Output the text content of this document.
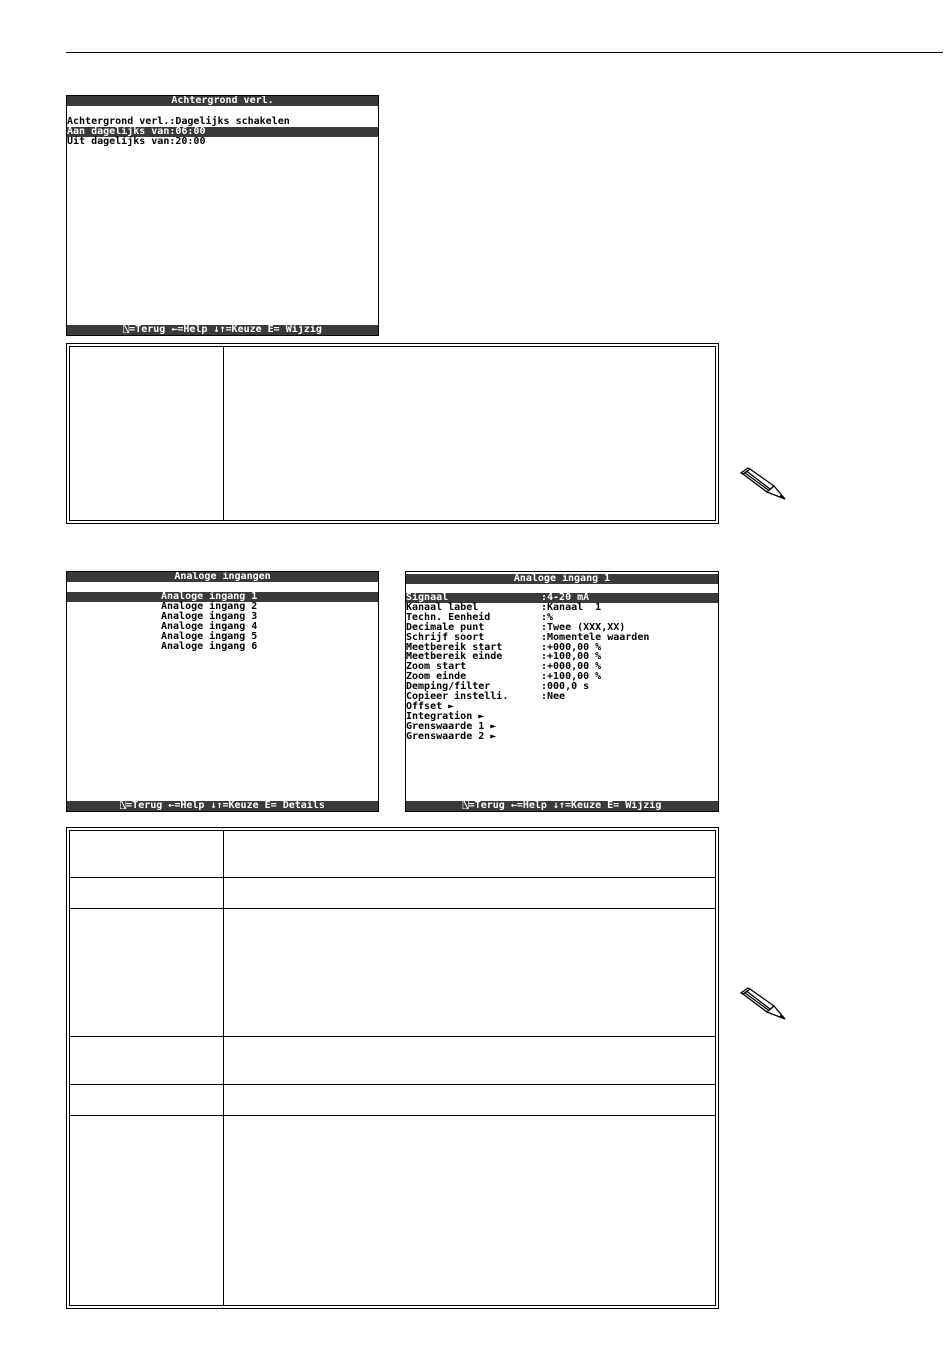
Achtergrond verl.
Achtergrond verl.:Dagelijks schakelen
Aan dagelijks van:06:00
Uit dagelijks van:20:00
⍂=Terug ←=Help ↓↑=Keuze E= Wijzig
Analoge ingangen
Analoge ingang 1
Analoge ingang 2
Analoge ingang 3
Analoge ingang 4
Analoge ingang 5
Analoge ingang 6
⍂=Terug ←=Help ↓↑=Keuze E= Details
Analoge ingang 1
Signaal	:4-20 mA
Kanaal label	:Kanaal  1
Techn. Eenheid	:%
Decimale punt	:Twee (XXX,XX)
Schrijf soort	:Momentele waarden
Meetbereik start	:+000,00 %
Meetbereik einde	:+100,00 %
Zoom start	:+000,00 %
Zoom einde	:+100,00 %
Demping/filter	:000,0 s
Copieer instelli.	:Nee
Offset ►
Integration ►
Grenswaarde 1 ►
Grenswaarde 2 ►
⍂=Terug ←=Help ↓↑=Keuze E= Wijzig
